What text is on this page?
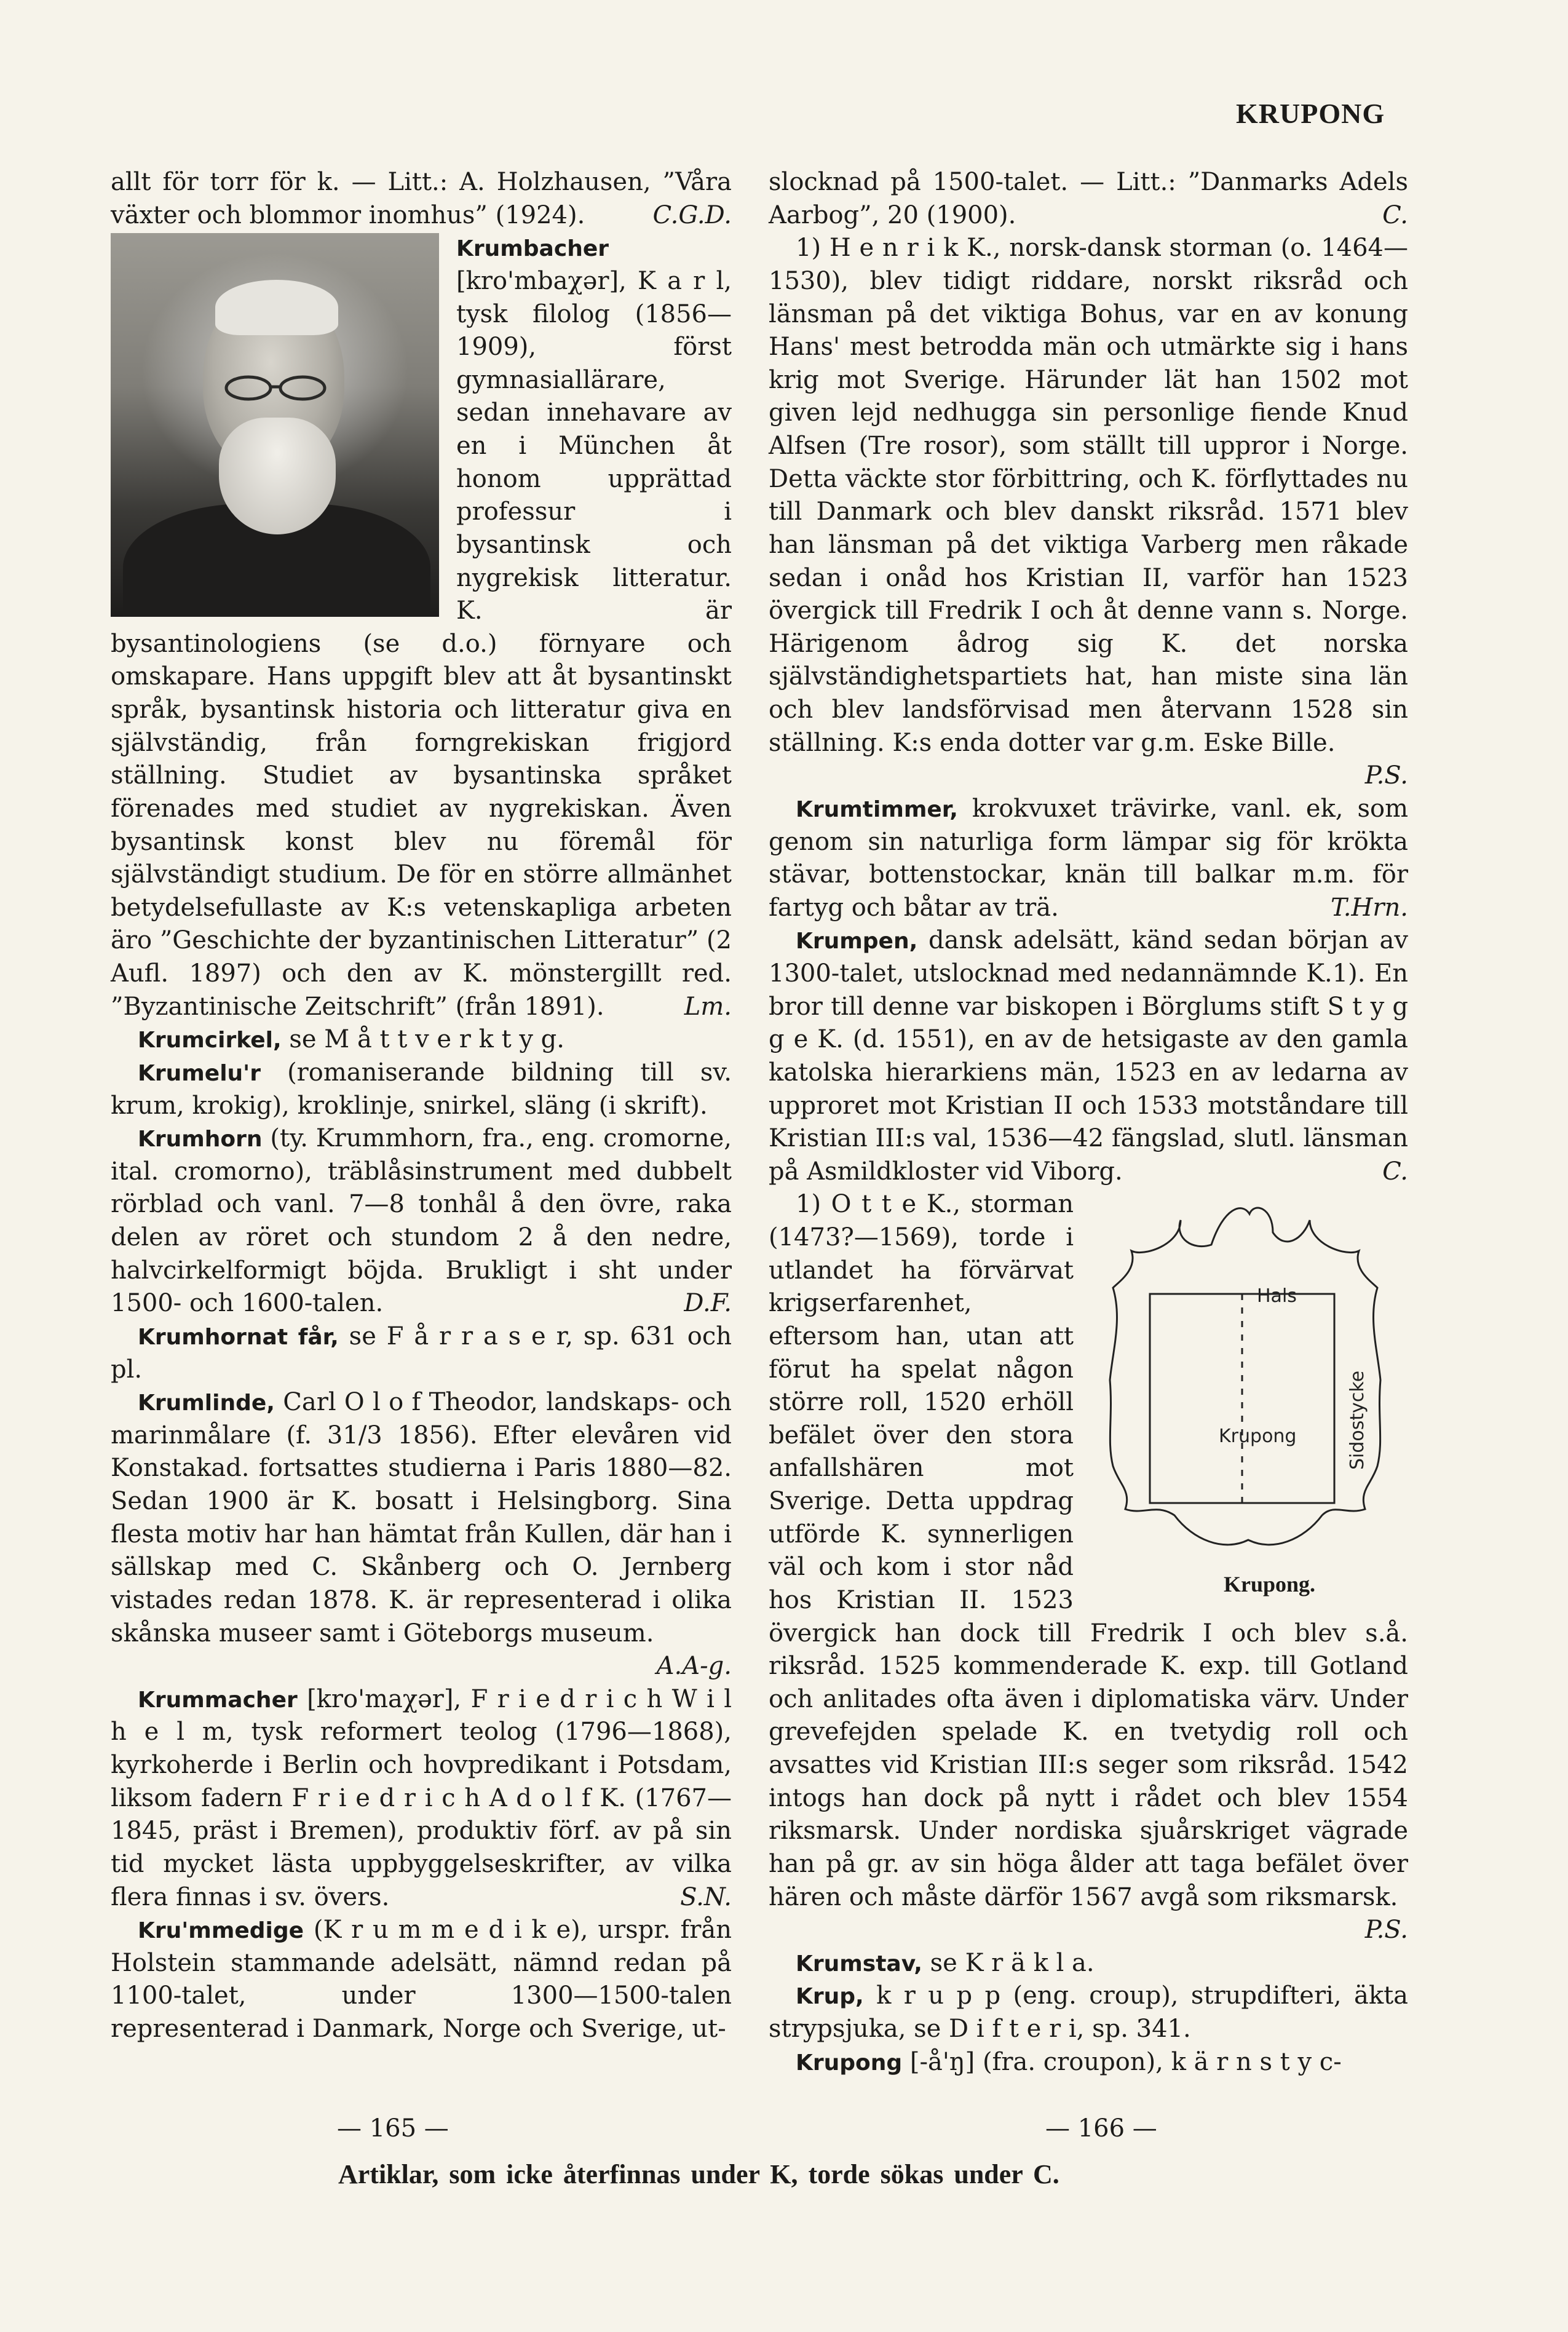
KRUPONG

allt för torr för k. — Litt.: A. Holzhausen, ”Våra växter och blommor inomhus” (1924).	C.G.D.

Krumbacher
[kro'mbaχər], K a r l, tysk filolog (1856—1909), först gymnasiallärare, sedan innehavare av en i München åt honom upprättad professur i bysantinsk och nygrekisk litteratur. K. är bysantinologiens (se d.o.) förnyare och omskapare. Hans uppgift blev att åt bysantinskt språk, bysantinsk historia och litteratur giva en självständig, från forngrekiskan frigjord ställning. Studiet av bysantinska språket förenades med studiet av nygrekiskan. Även bysantinsk konst blev nu föremål för självständigt studium. De för en större allmänhet betydelsefullaste av K:s vetenskapliga arbeten äro ”Geschichte der byzantinischen Litteratur” (2 Aufl. 1897) och den av K. mönstergillt red. ”Byzantinische Zeitschrift” (från 1891).	Lm.

Krumcirkel, se M å t t v e r k t y g.

Krumelu'r (romaniserande bildning till sv. krum, krokig), kroklinje, snirkel, släng (i skrift).

Krumhorn (ty. Krummhorn, fra., eng. cromorne, ital. cromorno), träblåsinstrument med dubbelt rörblad och vanl. 7—8 tonhål å den övre, raka delen av röret och stundom 2 å den nedre, halvcirkelformigt böjda. Brukligt i sht under 1500- och 1600-talen.	D.F.

Krumhornat får, se F å r r a s e r, sp. 631 och pl.

Krumlinde, Carl O l o f Theodor, landskaps- och marinmålare (f. 31/3 1856). Efter elevåren vid Konstakad. fortsattes studierna i Paris 1880—82. Sedan 1900 är K. bosatt i Helsingborg. Sina flesta motiv har han hämtat från Kullen, där han i sällskap med C. Skånberg och O. Jernberg vistades redan 1878. K. är representerad i olika skånska museer samt i Göteborgs museum.
A.A-g.

Krummacher [kro'maχər], F r i e d r i c h W i l h e l m, tysk reformert teolog (1796—1868), kyrkoherde i Berlin och hovpredikant i Potsdam, liksom fadern F r i e d r i c h A d o l f K. (1767—1845, präst i Bremen), produktiv förf. av på sin tid mycket lästa uppbyggelseskrifter, av vilka flera finnas i sv. övers.	S.N.

Kru'mmedige (K r u m m e d i k e), urspr. från Holstein stammande adelsätt, nämnd redan på 1100-talet, under 1300—1500-talen representerad i Danmark, Norge och Sverige, ut-

slocknad på 1500-talet. — Litt.: ”Danmarks Adels Aarbog”, 20 (1900).	C.

1) H e n r i k K., norsk-dansk storman (o. 1464—1530), blev tidigt riddare, norskt riksråd och länsman på det viktiga Bohus, var en av konung Hans' mest betrodda män och utmärkte sig i hans krig mot Sverige. Härunder lät han 1502 mot given lejd nedhugga sin personlige fiende Knud Alfsen (Tre rosor), som ställt till uppror i Norge. Detta väckte stor förbittring, och K. förflyttades nu till Danmark och blev danskt riksråd. 1571 blev han länsman på det viktiga Varberg men råkade sedan i onåd hos Kristian II, varför han 1523 övergick till Fredrik I och åt denne vann s. Norge. Härigenom ådrog sig K. det norska självständighetspartiets hat, han miste sina län och blev landsförvisad men återvann 1528 sin ställning. K:s enda dotter var g.m. Eske Bille.
P.S.

Krumtimmer, krokvuxet trävirke, vanl. ek, som genom sin naturliga form lämpar sig för krökta stävar, bottenstockar, knän till balkar m.m. för fartyg och båtar av trä.	T.Hrn.

Krumpen, dansk adelsätt, känd sedan början av 1300-talet, utslocknad med nedannämnde K.1). En bror till denne var biskopen i Börglums stift S t y g g e K. (d. 1551), en av de hetsigaste av den gamla katolska hierarkiens män, 1523 en av ledarna av upproret mot Kristian II och 1533 motståndare till Kristian III:s val, 1536—42 fängslad, slutl. länsman på Asmildkloster vid Viborg.	C.

Hals
Krupong	Sidostycke
Krupong.
1) O t t e K., storman (1473?—1569), torde i utlandet ha förvärvat krigserfarenhet, eftersom han, utan att förut ha spelat någon större roll, 1520 erhöll befälet över den stora anfallshären mot Sverige. Detta uppdrag utförde K. synnerligen väl och kom i stor nåd hos Kristian II. 1523 övergick han dock till Fredrik I och blev s.å. riksråd. 1525 kommenderade K. exp. till Gotland och anlitades ofta även i diplomatiska värv. Under grevefejden spelade K. en tvetydig roll och avsattes vid Kristian III:s seger som riksråd. 1542 intogs han dock på nytt i rådet och blev 1554 riksmarsk. Under nordiska sjuårskriget vägrade han på gr. av sin höga ålder att taga befälet över hären och måste därför 1567 avgå som riksmarsk.
P.S.

Krumstav, se K r ä k l a.

Krup, k r u p p (eng. croup), strupdifteri, äkta strypsjuka, se D i f t e r i, sp. 341.

Krupong [-å'ŋ] (fra. croupon), k ä r n s t y c-

— 165 —	— 166 —
Artiklar, som icke återfinnas under K, torde sökas under C.
